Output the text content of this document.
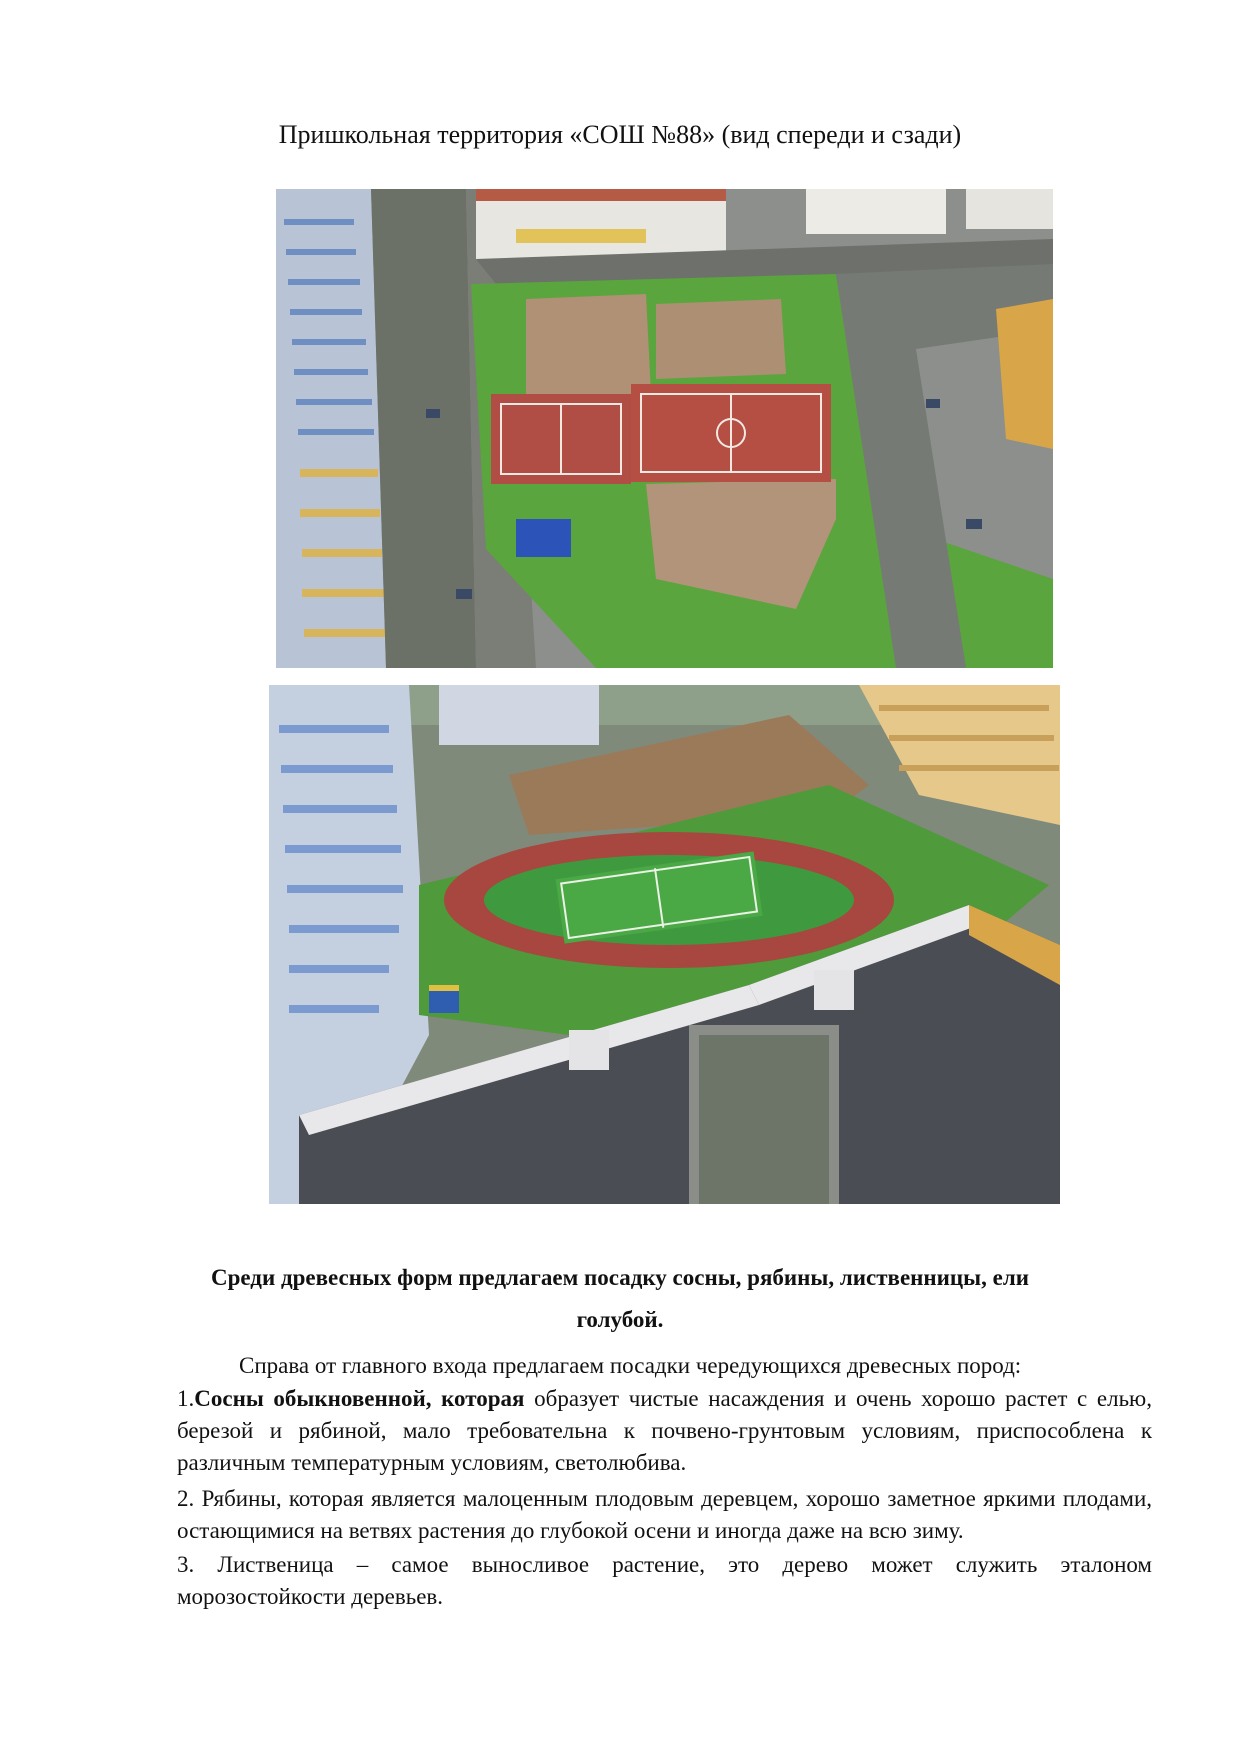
Пришкольная территория «СОШ №88» (вид спереди и сзади)
Среди древесных форм предлагаем посадку сосны, рябины, лиственницы, ели
голубой.
Справа от главного входа предлагаем посадки чередующихся древесных пород:
1.Сосны обыкновенной, которая образует чистые насаждения и очень хорошо растет с елью, березой и рябиной, мало требовательна к почвено-грунтовым условиям, приспособлена к различным температурным условиям, светолюбива.
2. Рябины, которая является малоценным плодовым деревцем, хорошо заметное яркими плодами, остающимися на ветвях растения до глубокой осени и иногда даже на всю зиму.
3. Лиственица – самое выносливое растение, это дерево может служить эталоном морозостойкости деревьев.
